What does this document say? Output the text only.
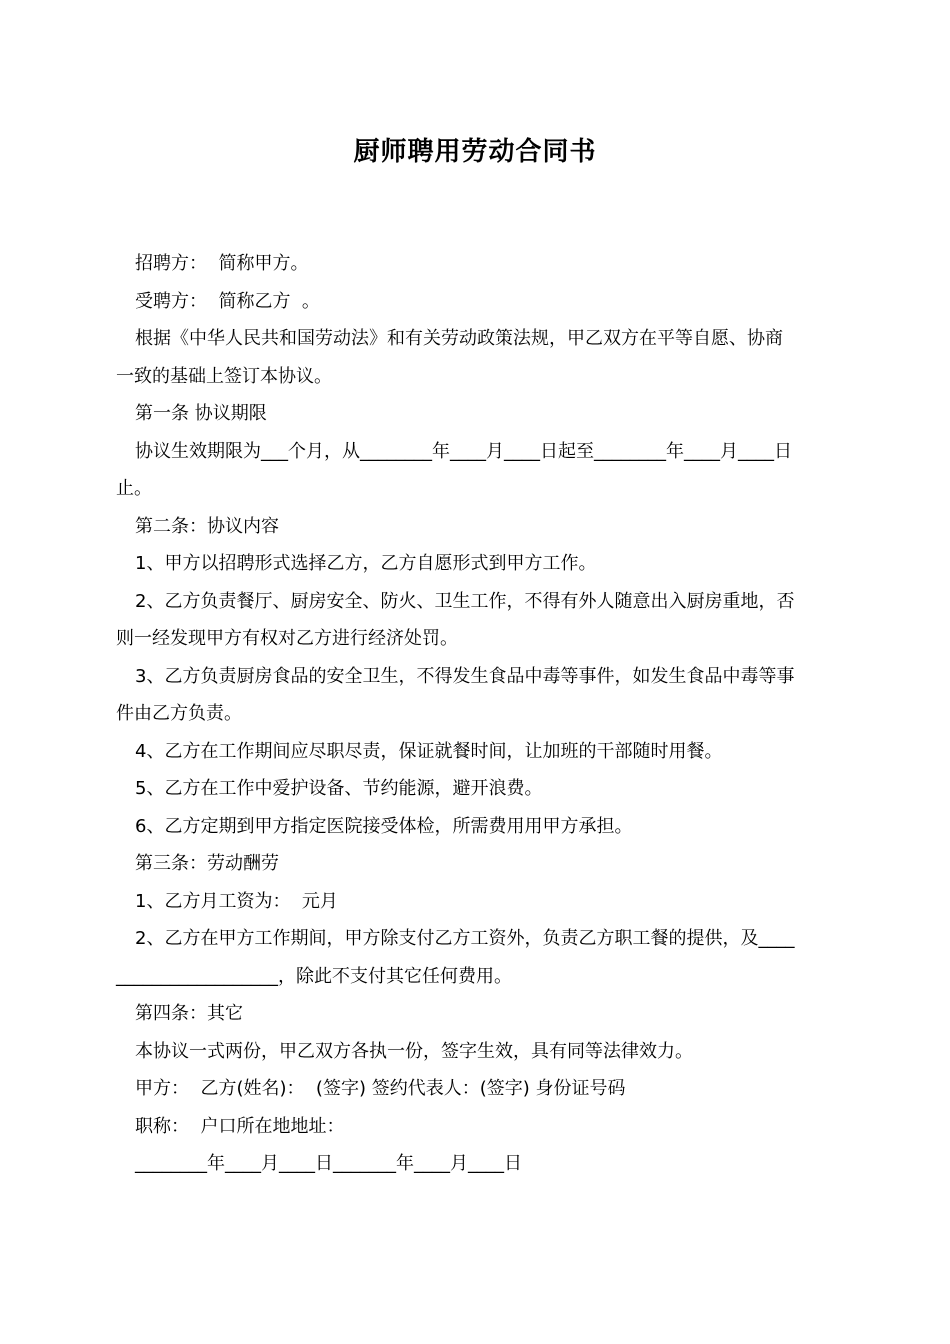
厨师聘用劳动合同书
招聘方：  简称甲方。
受聘方：  简称乙方  。
根据《中华人民共和国劳动法》和有关劳动政策法规，甲乙双方在平等自愿、协商
一致的基础上签订本协议。
第一条 协议期限
协议生效期限为___个月，从________年____月____日起至________年____月____日
止。
第二条：协议内容
1、甲方以招聘形式选择乙方，乙方自愿形式到甲方工作。
2、乙方负责餐厅、厨房安全、防火、卫生工作，不得有外人随意出入厨房重地，否
则一经发现甲方有权对乙方进行经济处罚。
3、乙方负责厨房食品的安全卫生，不得发生食品中毒等事件，如发生食品中毒等事
件由乙方负责。
4、乙方在工作期间应尽职尽责，保证就餐时间，让加班的干部随时用餐。
5、乙方在工作中爱护设备、节约能源，避开浪费。
6、乙方定期到甲方指定医院接受体检，所需费用用甲方承担。
第三条：劳动酬劳
1、乙方月工资为：  元月
2、乙方在甲方工作期间，甲方除支付乙方工资外，负责乙方职工餐的提供，及____
__________________，除此不支付其它任何费用。
第四条：其它
本协议一式两份，甲乙双方各执一份，签字生效，具有同等法律效力。
甲方：  乙方(姓名)：  (签字) 签约代表人：(签字) 身份证号码
职称：  户口所在地地址：
________年____月____日_______年____月____日
